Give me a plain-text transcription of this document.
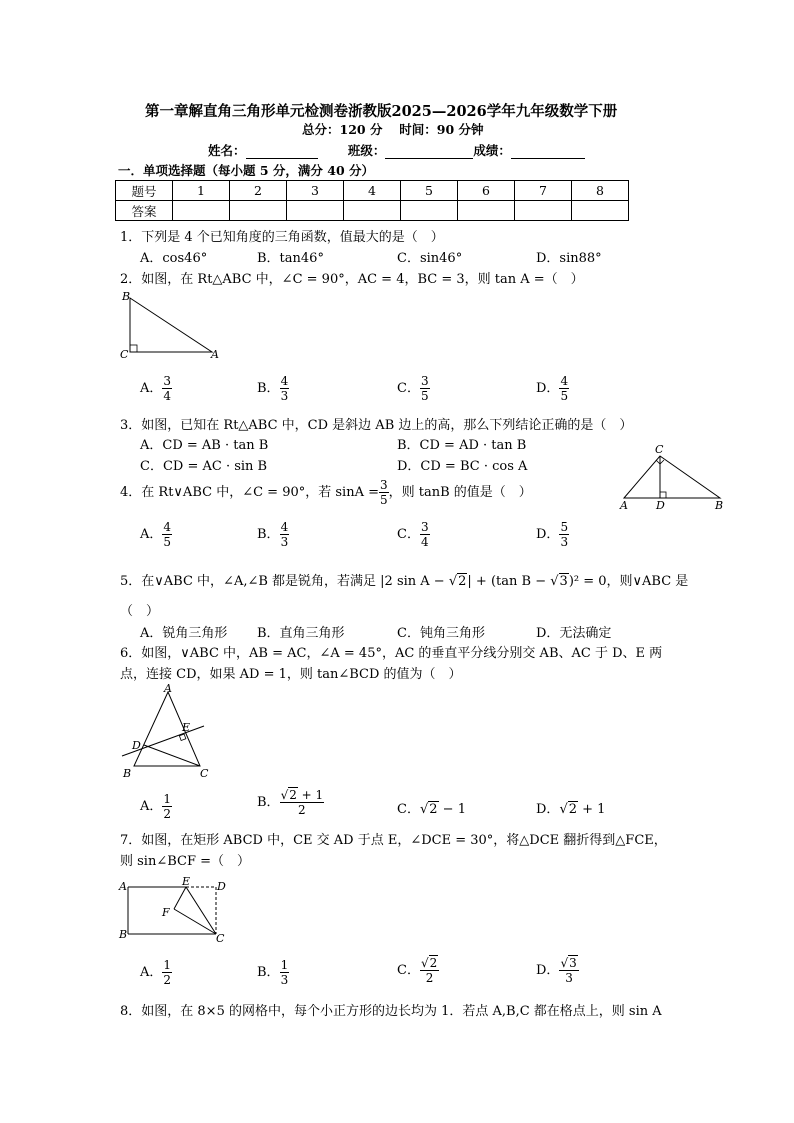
第一章解直角三角形单元检测卷浙教版2025—2026学年九年级数学下册
总分：120 分　 时间：90 分钟
姓名：	班级：	成绩：
一．单项选择题（每小题 5 分，满分 40 分）
题号	1	2	3	4	5	6	7	8
答案								
1．下列是 4 个已知角度的三角函数，值最大的是（　）
A．cos46°	B．tan46°	C．sin46°	D．sin88°
2．如图，在 Rt△ABC 中，∠C = 90°，AC = 4，BC = 3，则 tan A =（　）
B
C	A
A． $\frac{3}{4}$	B． $\frac{4}{3}$	C． $\frac{3}{5}$	D． $\frac{4}{5}$
3．如图，已知在 Rt△ABC 中，CD 是斜边 AB 边上的高，那么下列结论正确的是（　）
A．CD = AB · tan B	B．CD = AD · tan B
C．CD = AC · sin B	D．CD = BC · cos A
C
A	D	B
4．在 Rt∨ABC 中，∠C = 90°，若 $\sin A = \frac{3}{5}$ ，则 tanB 的值是（　）
A． $\frac{4}{5}$	B． $\frac{4}{3}$	C． $\frac{3}{4}$	D． $\frac{5}{3}$
5．在∨ABC 中，∠A,∠B 都是锐角，若满足 |2 sin A − √2| + (tan B − √3)² = 0，则∨ABC 是
（　）
A．锐角三角形 B．直角三角形	C．钝角三角形	D．无法确定
6．如图，∨ABC 中，AB = AC，∠A = 45°，AC 的垂直平分线分别交 AB、AC 于 D、E 两
点，连接 CD，如果 AD = 1，则 tan∠BCD 的值为（　）
A
E
D
B	C
A． $\frac{1}{2}$	B． $\frac{√2 + 1}{2}$	C．√2 − 1	D．√2 + 1
7．如图，在矩形 ABCD 中，CE 交 AD 于点 E，∠DCE = 30°，将△DCE 翻折得到△FCE，
则 sin∠BCF =（　）
A	E D
F
B	C
A． $\frac{1}{2}$	B． $\frac{1}{3}$	C． $\frac{√2}{2}$	D． $\frac{√3}{3}$
8．如图，在 8×5 的网格中，每个小正方形的边长均为 1．若点 A,B,C 都在格点上，则 sin A
